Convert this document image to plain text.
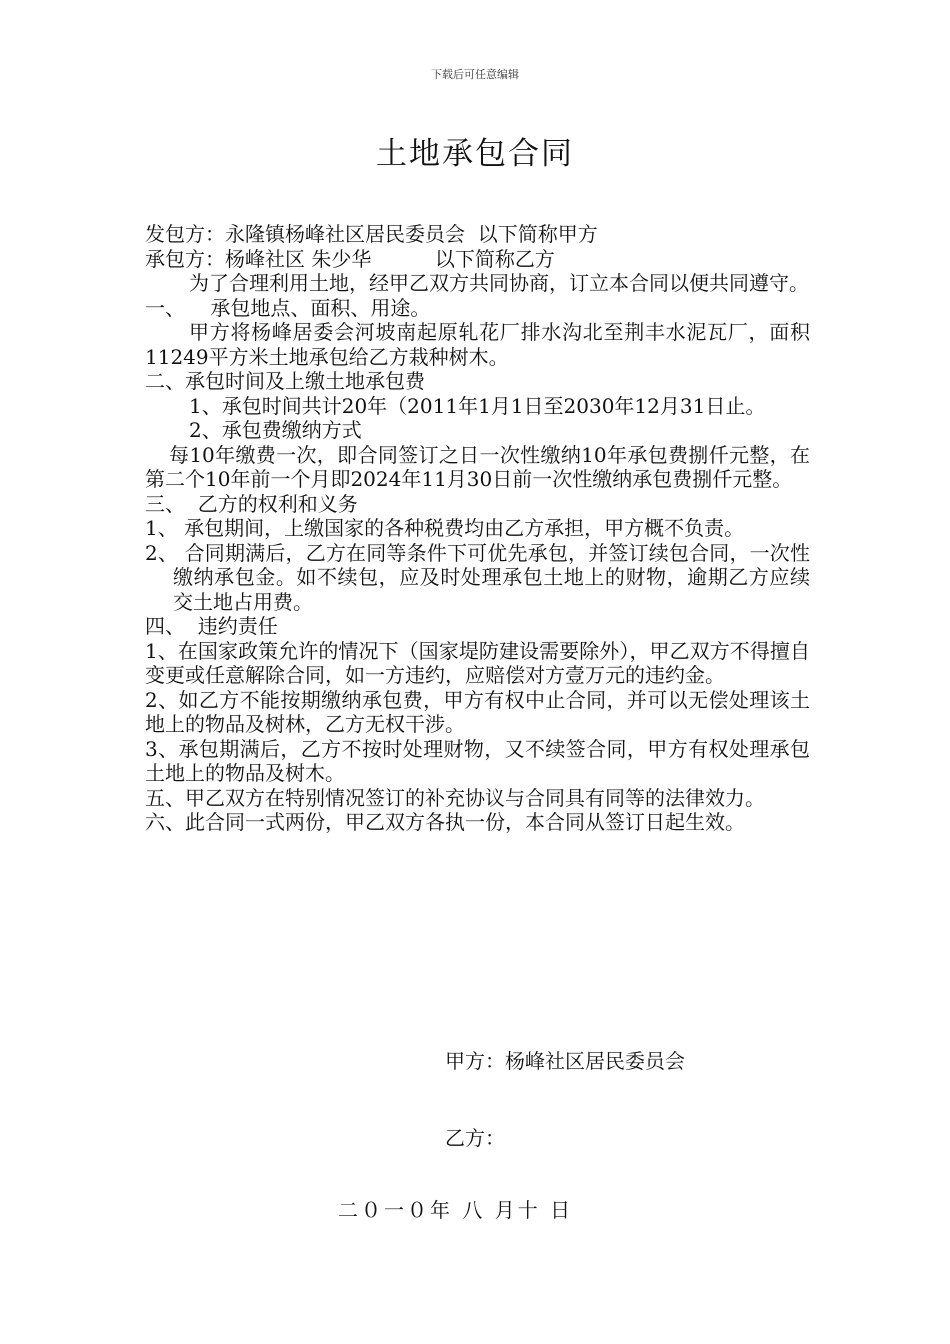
下载后可任意编辑
土地承包合同
发包方：永隆镇杨峰社区居民委员会  以下简称甲方
承包方：杨峰社区 朱少华          以下简称乙方
为了合理利用土地，经甲乙双方共同协商，订立本合同以便共同遵守。
一、    承包地点、面积、用途。
甲方将杨峰居委会河坡南起原轧花厂排水沟北至荆丰水泥瓦厂，面积11249平方米土地承包给乙方栽种树木。
二、承包时间及上缴土地承包费
1、承包时间共计20年（2011年1月1日至2030年12月31日止。
2、承包费缴纳方式
每10年缴费一次，即合同签订之日一次性缴纳10年承包费捌仟元整，在第二个10年前一个月即2024年11月30日前一次性缴纳承包费捌仟元整。
三、  乙方的权利和义务
1、 承包期间，上缴国家的各种税费均由乙方承担，甲方概不负责。
2、 合同期满后，乙方在同等条件下可优先承包，并签订续包合同，一次性缴纳承包金。如不续包，应及时处理承包土地上的财物，逾期乙方应续交土地占用费。
四、  违约责任
1、在国家政策允许的情况下（国家堤防建设需要除外），甲乙双方不得擅自变更或任意解除合同，如一方违约，应赔偿对方壹万元的违约金。
2、如乙方不能按期缴纳承包费，甲方有权中止合同，并可以无偿处理该土地上的物品及树林，乙方无权干涉。
3、承包期满后，乙方不按时处理财物，又不续签合同，甲方有权处理承包土地上的物品及树木。
五、甲乙双方在特别情况签订的补充协议与合同具有同等的法律效力。
六、此合同一式两份，甲乙双方各执一份，本合同从签订日起生效。
甲方：杨峰社区居民委员会
乙方：
二０一０年 八 月十 日
